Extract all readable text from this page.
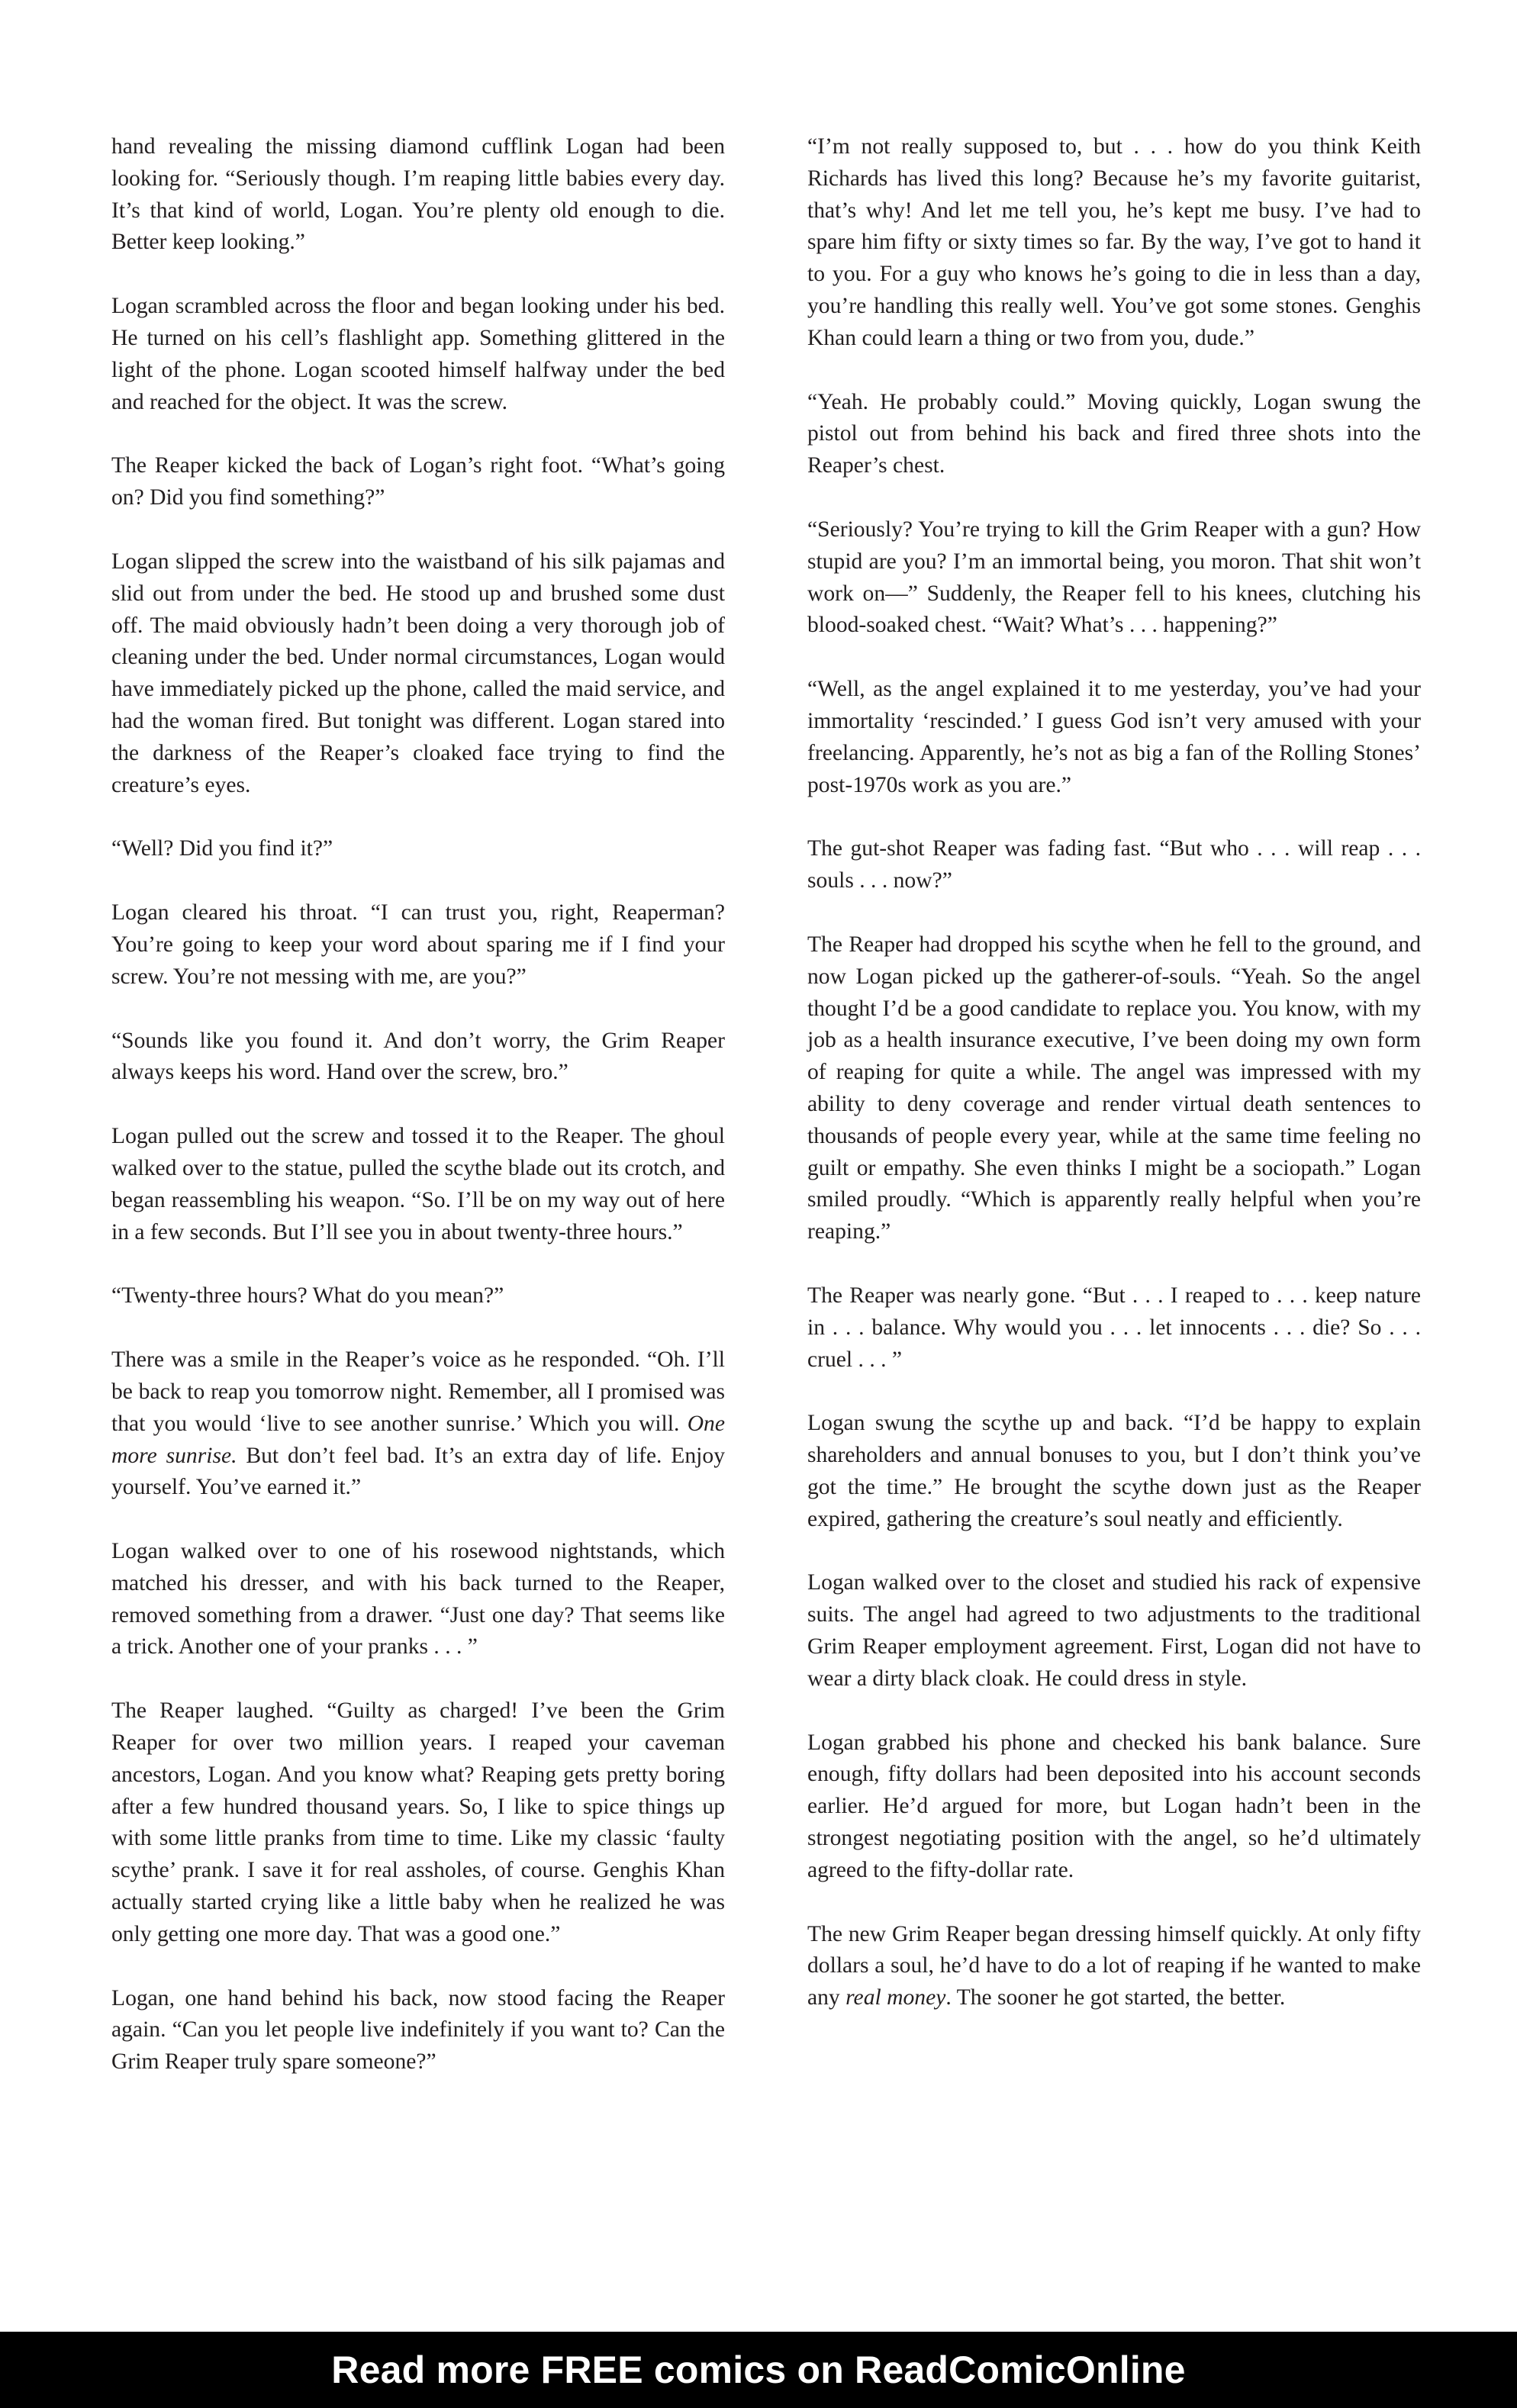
hand revealing the missing diamond cufflink Logan had been looking for. “Seriously though. I’m reaping little babies every day. It’s that kind of world, Logan. You’re plenty old enough to die. Better keep looking.”

Logan scrambled across the floor and began looking under his bed. He turned on his cell’s flashlight app. Something glittered in the light of the phone. Logan scooted himself halfway under the bed and reached for the object. It was the screw.

The Reaper kicked the back of Logan’s right foot. “What’s going on? Did you find something?”

Logan slipped the screw into the waistband of his silk pajamas and slid out from under the bed. He stood up and brushed some dust off. The maid obviously hadn’t been doing a very thorough job of cleaning under the bed. Under normal circumstances, Logan would have immediately picked up the phone, called the maid service, and had the woman fired. But tonight was different. Logan stared into the darkness of the Reaper’s cloaked face trying to find the creature’s eyes.

“Well? Did you find it?”

Logan cleared his throat. “I can trust you, right, Reaperman? You’re going to keep your word about sparing me if I find your screw. You’re not messing with me, are you?”

“Sounds like you found it. And don’t worry, the Grim Reaper always keeps his word. Hand over the screw, bro.”

Logan pulled out the screw and tossed it to the Reaper. The ghoul walked over to the statue, pulled the scythe blade out its crotch, and began reassembling his weapon. “So. I’ll be on my way out of here in a few seconds. But I’ll see you in about twenty-three hours.”

“Twenty-three hours? What do you mean?”

There was a smile in the Reaper’s voice as he responded. “Oh. I’ll be back to reap you tomorrow night. Remember, all I promised was that you would ‘live to see another sunrise.’ Which you will. One more sunrise. But don’t feel bad. It’s an extra day of life. Enjoy yourself. You’ve earned it.”

Logan walked over to one of his rosewood nightstands, which matched his dresser, and with his back turned to the Reaper, removed something from a drawer. “Just one day? That seems like a trick. Another one of your pranks . . . ”

The Reaper laughed. “Guilty as charged! I’ve been the Grim Reaper for over two million years. I reaped your caveman ancestors, Logan. And you know what? Reaping gets pretty boring after a few hundred thousand years. So, I like to spice things up with some little pranks from time to time. Like my classic ‘faulty scythe’ prank. I save it for real assholes, of course. Genghis Khan actually started crying like a little baby when he realized he was only getting one more day. That was a good one.”

Logan, one hand behind his back, now stood facing the Reaper again. “Can you let people live indefinitely if you want to? Can the Grim Reaper truly spare someone?”

“I’m not really supposed to, but . . . how do you think Keith Richards has lived this long? Because he’s my favorite guitarist, that’s why! And let me tell you, he’s kept me busy. I’ve had to spare him fifty or sixty times so far. By the way, I’ve got to hand it to you. For a guy who knows he’s going to die in less than a day, you’re handling this really well. You’ve got some stones. Genghis Khan could learn a thing or two from you, dude.”

“Yeah. He probably could.” Moving quickly, Logan swung the pistol out from behind his back and fired three shots into the Reaper’s chest.

“Seriously? You’re trying to kill the Grim Reaper with a gun? How stupid are you? I’m an immortal being, you moron. That shit won’t work on—” Suddenly, the Reaper fell to his knees, clutching his blood-soaked chest. “Wait? What’s . . . happening?”

“Well, as the angel explained it to me yesterday, you’ve had your immortality ‘rescinded.’ I guess God isn’t very amused with your freelancing. Apparently, he’s not as big a fan of the Rolling Stones’ post-1970s work as you are.”

The gut-shot Reaper was fading fast. “But who . . . will reap . . . souls . . . now?”

The Reaper had dropped his scythe when he fell to the ground, and now Logan picked up the gatherer-of-souls. “Yeah. So the angel thought I’d be a good candidate to replace you. You know, with my job as a health insurance executive, I’ve been doing my own form of reaping for quite a while. The angel was impressed with my ability to deny coverage and render virtual death sentences to thousands of people every year, while at the same time feeling no guilt or empathy. She even thinks I might be a sociopath.” Logan smiled proudly. “Which is apparently really helpful when you’re reaping.”

The Reaper was nearly gone. “But . . . I reaped to . . . keep nature in . . . balance. Why would you . . . let innocents . . . die? So . . . cruel . . . ”

Logan swung the scythe up and back. “I’d be happy to explain shareholders and annual bonuses to you, but I don’t think you’ve got the time.” He brought the scythe down just as the Reaper expired, gathering the creature’s soul neatly and efficiently.

Logan walked over to the closet and studied his rack of expensive suits. The angel had agreed to two adjustments to the traditional Grim Reaper employment agreement. First, Logan did not have to wear a dirty black cloak. He could dress in style.

Logan grabbed his phone and checked his bank balance. Sure enough, fifty dollars had been deposited into his account seconds earlier. He’d argued for more, but Logan hadn’t been in the strongest negotiating position with the angel, so he’d ultimately agreed to the fifty-dollar rate.

The new Grim Reaper began dressing himself quickly. At only fifty dollars a soul, he’d have to do a lot of reaping if he wanted to make any real money. The sooner he got started, the better.

Read more FREE comics on ReadComicOnline
